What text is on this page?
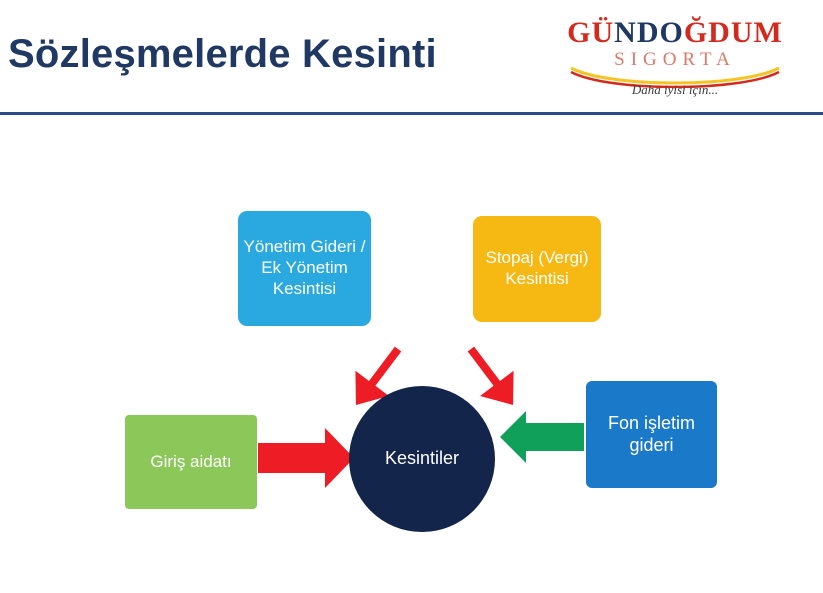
Sözleşmelerde Kesinti	GÜNDOĞDUM
SIGORTA
Daha iyisi için...
Yönetim Gideri / Ek Yönetim Kesintisi
Stopaj (Vergi) Kesintisi
Giriş aidatı
Fon işletim gideri
Kesintiler
